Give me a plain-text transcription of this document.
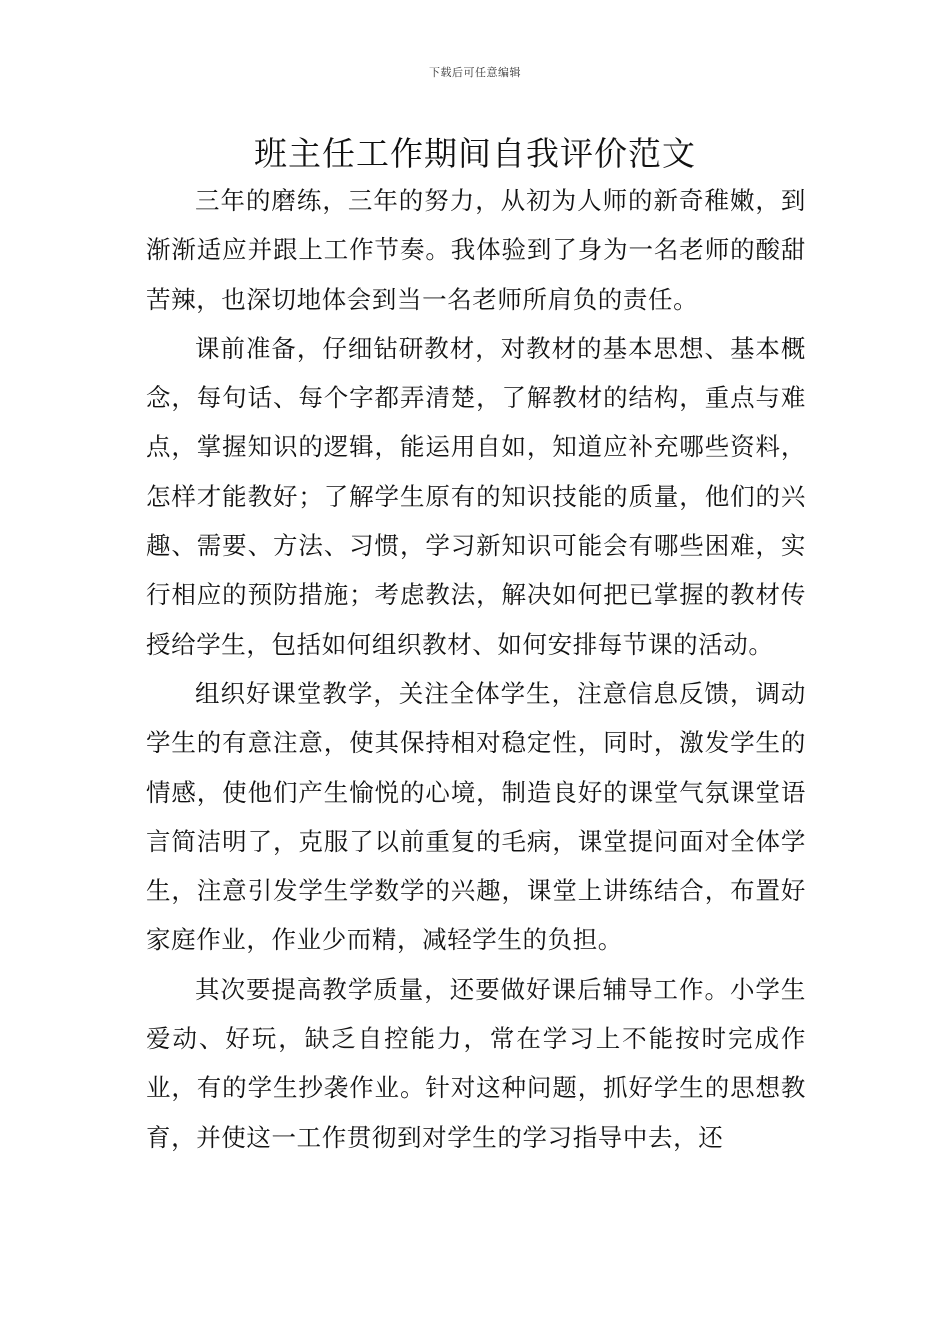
下载后可任意编辑
班主任工作期间自我评价范文

三年的磨练，三年的努力，从初为人师的新奇稚嫩，到渐渐适应并跟上工作节奏。我体验到了身为一名老师的酸甜苦辣，也深切地体会到当一名老师所肩负的责任。

课前准备，仔细钻研教材，对教材的基本思想、基本概念，每句话、每个字都弄清楚，了解教材的结构，重点与难点，掌握知识的逻辑，能运用自如，知道应补充哪些资料，怎样才能教好；了解学生原有的知识技能的质量，他们的兴趣、需要、方法、习惯，学习新知识可能会有哪些困难，实行相应的预防措施；考虑教法，解决如何把已掌握的教材传授给学生，包括如何组织教材、如何安排每节课的活动。

组织好课堂教学，关注全体学生，注意信息反馈，调动学生的有意注意，使其保持相对稳定性，同时，激发学生的情感，使他们产生愉悦的心境，制造良好的课堂气氛课堂语言简洁明了，克服了以前重复的毛病，课堂提问面对全体学生，注意引发学生学数学的兴趣，课堂上讲练结合，布置好家庭作业，作业少而精，减轻学生的负担。

其次要提高教学质量，还要做好课后辅导工作。小学生爱动、好玩，缺乏自控能力，常在学习上不能按时完成作业，有的学生抄袭作业。针对这种问题，抓好学生的思想教育，并使这一工作贯彻到对学生的学习指导中去，还
